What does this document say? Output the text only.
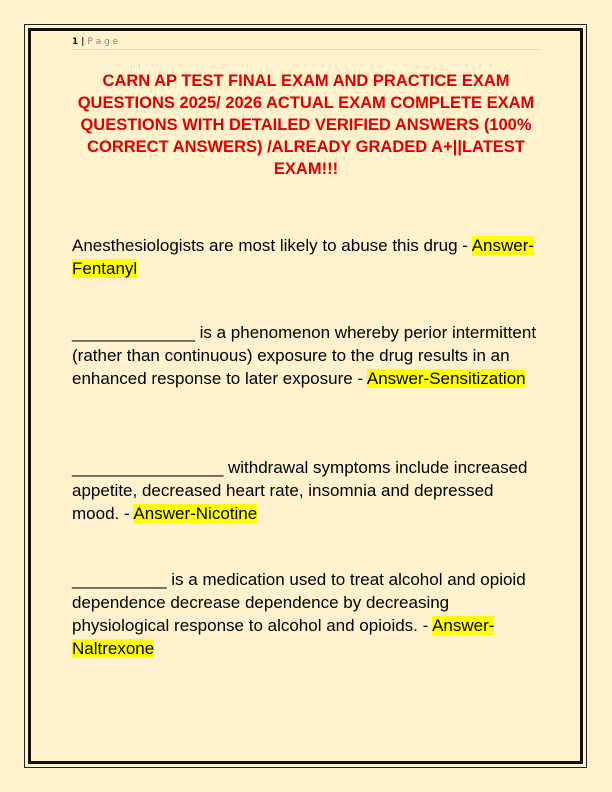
1 | P a g e
CARN AP TEST FINAL EXAM AND PRACTICE EXAM QUESTIONS 2025/ 2026 ACTUAL EXAM COMPLETE EXAM QUESTIONS WITH DETAILED VERIFIED ANSWERS (100% CORRECT ANSWERS) /ALREADY GRADED A+||LATEST EXAM!!!
Anesthesiologists are most likely to abuse this drug - Answer-Fentanyl
_____________ is a phenomenon whereby perior intermittent (rather than continuous) exposure to the drug results in an enhanced response to later exposure - Answer-Sensitization
________________ withdrawal symptoms include increased appetite, decreased heart rate, insomnia and depressed mood. - Answer-Nicotine
__________ is a medication used to treat alcohol and opioid dependence decrease dependence by decreasing physiological response to alcohol and opioids. - Answer-Naltrexone
